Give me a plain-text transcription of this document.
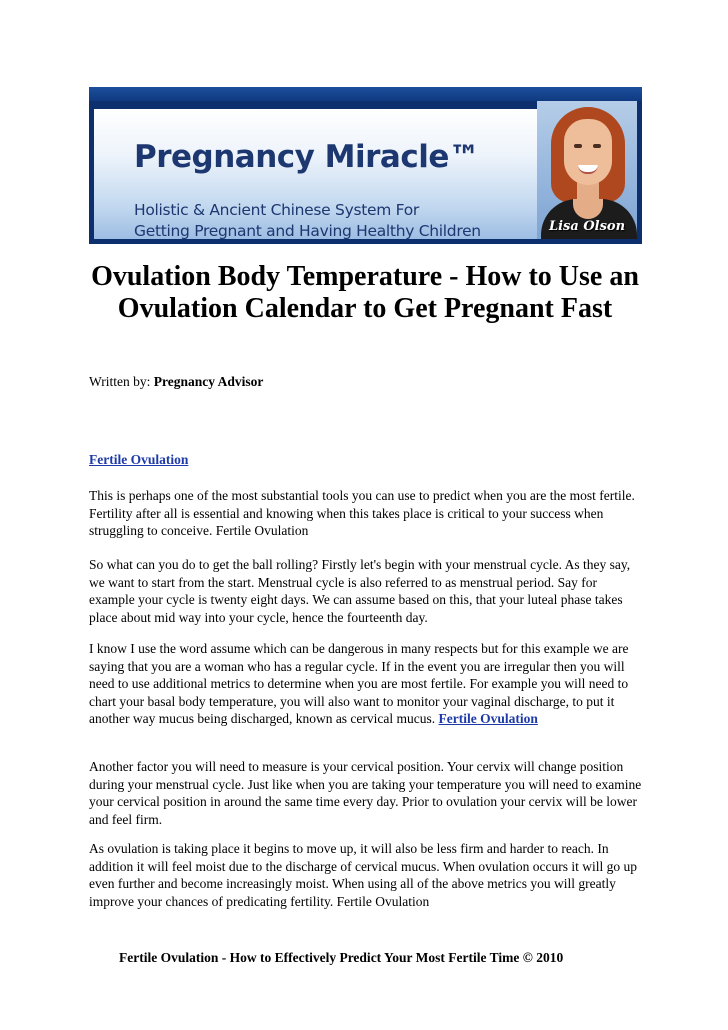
Pregnancy Miracle™

Holistic & Ancient Chinese System For

Getting Pregnant and Having Healthy Children	Lisa Olson

Ovulation Body Temperature - How to Use an Ovulation Calendar to Get Pregnant Fast

Written by: Pregnancy Advisor

Fertile Ovulation

This is perhaps one of the most substantial tools you can use to predict when you are the most fertile. Fertility after all is essential and knowing when this takes place is critical to your success when struggling to conceive. Fertile Ovulation

So what can you do to get the ball rolling? Firstly let's begin with your menstrual cycle. As they say, we want to start from the start. Menstrual cycle is also referred to as menstrual period. Say for example your cycle is twenty eight days. We can assume based on this, that your luteal phase takes place about mid way into your cycle, hence the fourteenth day.

I know I use the word assume which can be dangerous in many respects but for this example we are saying that you are a woman who has a regular cycle. If in the event you are irregular then you will need to use additional metrics to determine when you are most fertile. For example you will need to chart your basal body temperature, you will also want to monitor your vaginal discharge, to put it another way mucus being discharged, known as cervical mucus. Fertile Ovulation

Another factor you will need to measure is your cervical position. Your cervix will change position during your menstrual cycle. Just like when you are taking your temperature you will need to examine your cervical position in around the same time every day. Prior to ovulation your cervix will be lower and feel firm.

As ovulation is taking place it begins to move up, it will also be less firm and harder to reach. In addition it will feel moist due to the discharge of cervical mucus. When ovulation occurs it will go up even further and become increasingly moist. When using all of the above metrics you will greatly improve your chances of predicating fertility. Fertile Ovulation

Fertile Ovulation - How to Effectively Predict Your Most Fertile Time © 2010
